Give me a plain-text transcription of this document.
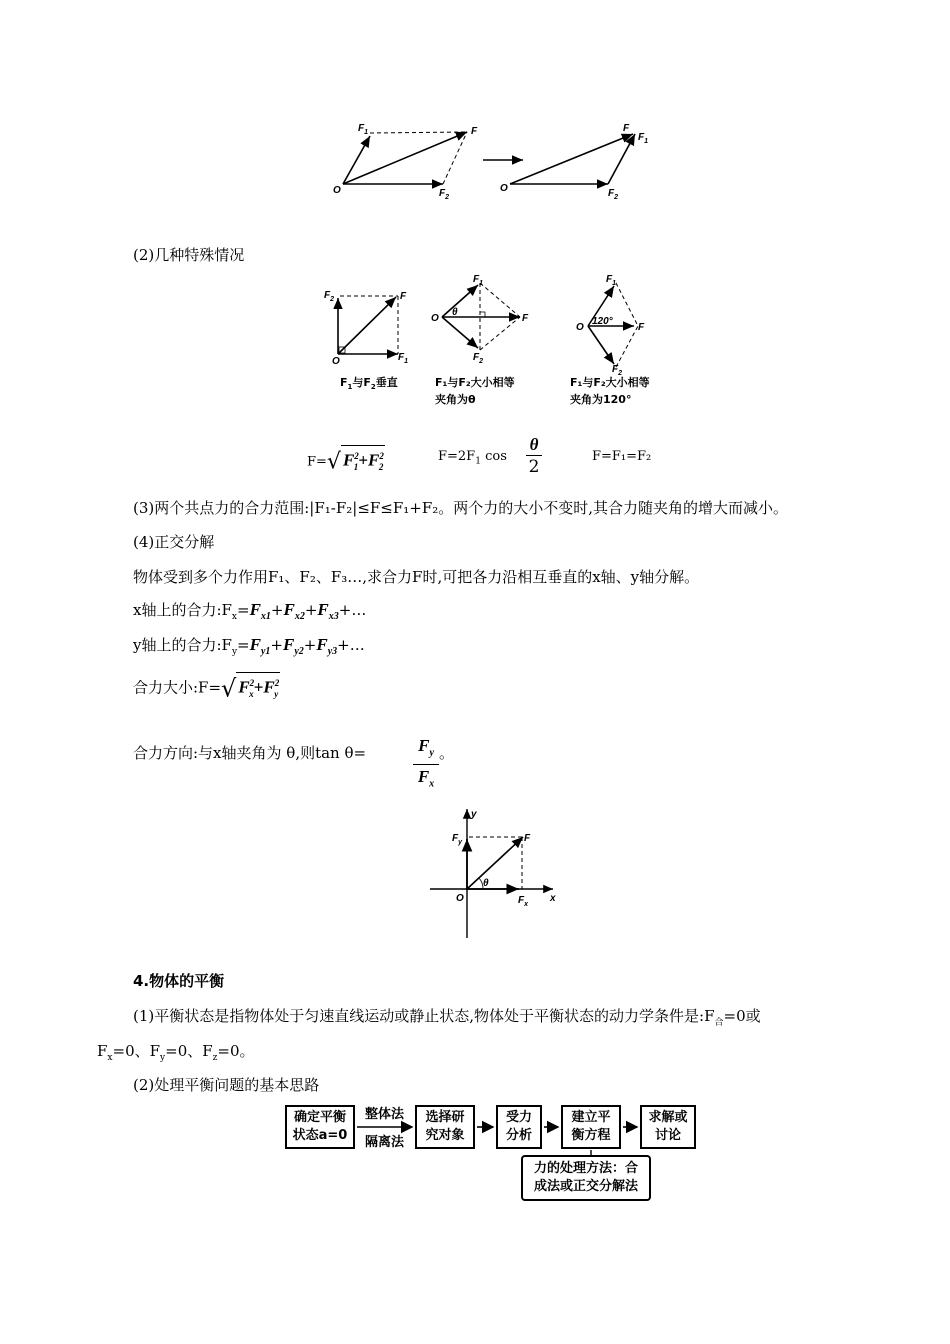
O
$F_1$	F
$F_2$
O
F
$F_1$
$F_2$
(2)几种特殊情况
$F_2$	F
O	$F_1$
$F_1$与$F_2$垂直
$F_1$
O
θ
F
$F_2$
F₁与F₂大小相等
夹角为θ
$F_1$
O
120°
F
$F_2$
F₁与F₂大小相等
夹角为120°
F=√ $F^2_1+F^2_2$
$F=2F_1$ cos
θ
2
F=F₁=F₂
(3)两个共点力的合力范围:|F₁-F₂|≤F≤F₁+F₂。两个力的大小不变时,其合力随夹角的增大而减小。
(4)正交分解
物体受到多个力作用F₁、F₂、F₃…,求合力F时,可把各力沿相互垂直的x轴、y轴分解。
x轴上的合力$:F_x=F_{x1}+F_{x2}+F_{x3}+\dots$
y轴上的合力$:F_y=F_{y1}+F_{y2}+F_{y3}+\dots$
合力大小:F=√ $F^2_x+F^2_y$
合力方向:与x轴夹角为 θ,则tan θ=	$F_y$
$F_x$
。
y
$F_y$	F
θ
O	$F_x$
x
4.物体的平衡
(1)平衡状态是指物体处于匀速直线运动或静止状态,物体处于平衡状态的动力学条件是$:F_合=0$或
$F_x=0$、$F_y=0$、$F_z=0$。
(2)处理平衡问题的基本思路
确定平衡
状态a=0
整体法
隔离法
选择研
究对象
受力
分析
建立平
衡方程
求解或
讨论
力的处理方法：合
成法或正交分解法
